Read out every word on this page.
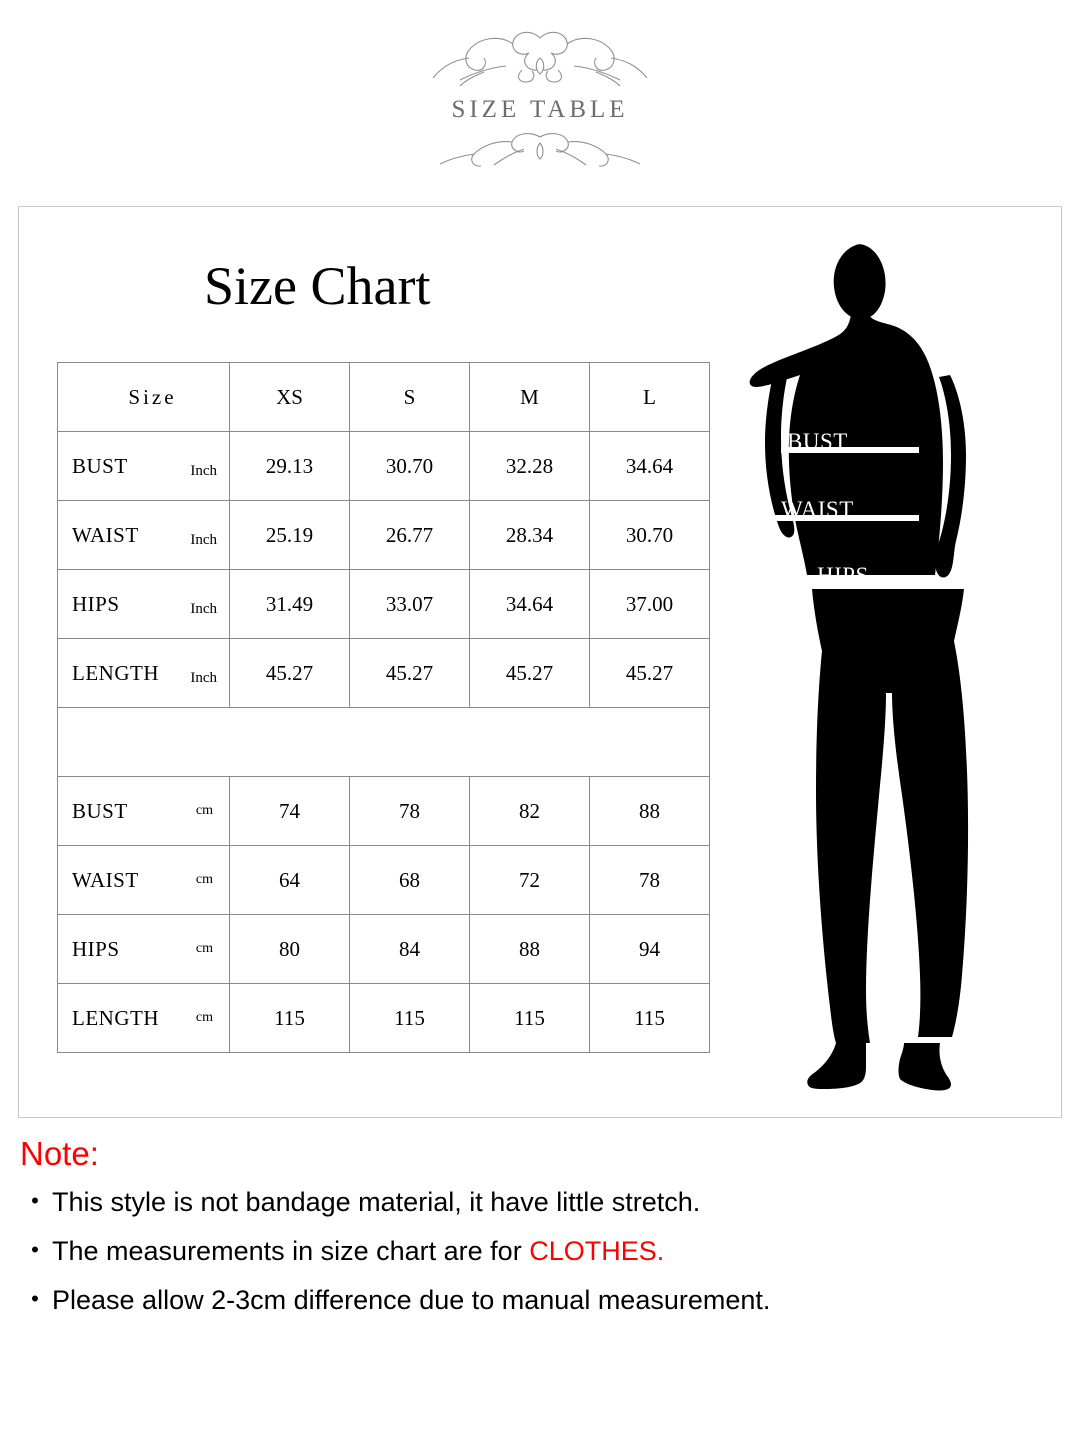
SIZE TABLE
Size Chart
Size	XS	S	M	L
BUST Inch	29.13	30.70	32.28	34.64
WAIST Inch	25.19	26.77	28.34	30.70
HIPS Inch	31.49	33.07	34.64	37.00
LENGTH Inch	45.27	45.27	45.27	45.27

BUST cm	74	78	82	88
WAIST cm	64	68	72	78
HIPS cm	80	84	88	94
LENGTH cm	115	115	115	115
BUST
WAIST
HIPS
Note:
• This style is not bandage material, it have little stretch.
• The measurements in size chart are for CLOTHES.
• Please allow 2-3cm difference due to manual measurement.
